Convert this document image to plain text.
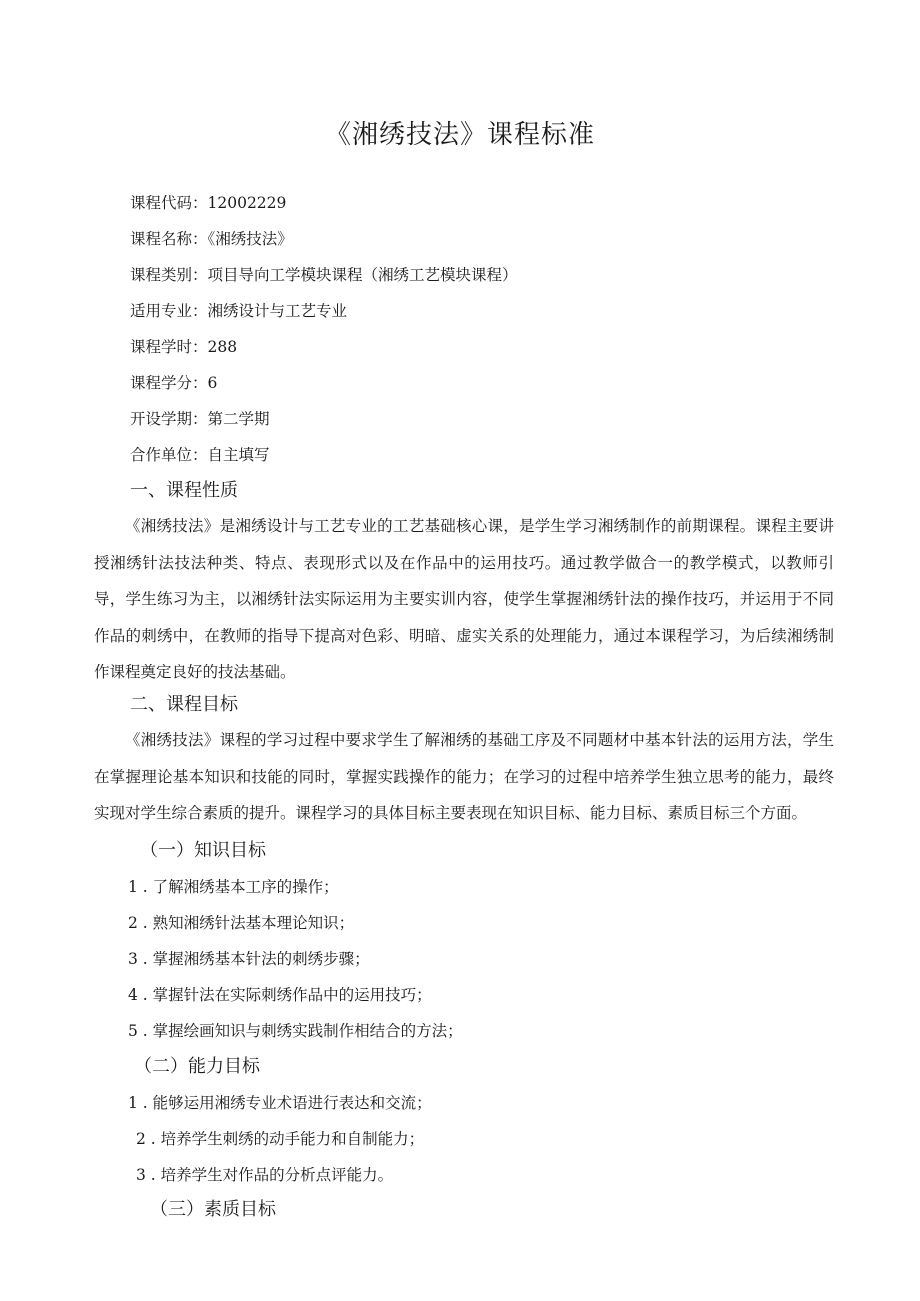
《湘绣技法》课程标准
课程代码：12002229
课程名称：《湘绣技法》
课程类别：项目导向工学模块课程（湘绣工艺模块课程）
适用专业：湘绣设计与工艺专业
课程学时：288
课程学分：6
开设学期：第二学期
合作单位：自主填写
一、课程性质
《湘绣技法》是湘绣设计与工艺专业的工艺基础核心课，是学生学习湘绣制作的前期课程。课程主要讲授湘绣针法技法种类、特点、表现形式以及在作品中的运用技巧。通过教学做合一的教学模式，以教师引导，学生练习为主，以湘绣针法实际运用为主要实训内容，使学生掌握湘绣针法的操作技巧，并运用于不同作品的刺绣中，在教师的指导下提高对色彩、明暗、虚实关系的处理能力，通过本课程学习，为后续湘绣制作课程奠定良好的技法基础。
二、课程目标
《湘绣技法》课程的学习过程中要求学生了解湘绣的基础工序及不同题材中基本针法的运用方法，学生在掌握理论基本知识和技能的同时，掌握实践操作的能力；在学习的过程中培养学生独立思考的能力，最终实现对学生综合素质的提升。课程学习的具体目标主要表现在知识目标、能力目标、素质目标三个方面。
（一）知识目标
1 . 了解湘绣基本工序的操作；
2 . 熟知湘绣针法基本理论知识；
3 . 掌握湘绣基本针法的刺绣步骤；
4 . 掌握针法在实际刺绣作品中的运用技巧；
5 . 掌握绘画知识与刺绣实践制作相结合的方法；
（二）能力目标
1 . 能够运用湘绣专业术语进行表达和交流；
2 . 培养学生刺绣的动手能力和自制能力；
3 . 培养学生对作品的分析点评能力。
（三）素质目标
